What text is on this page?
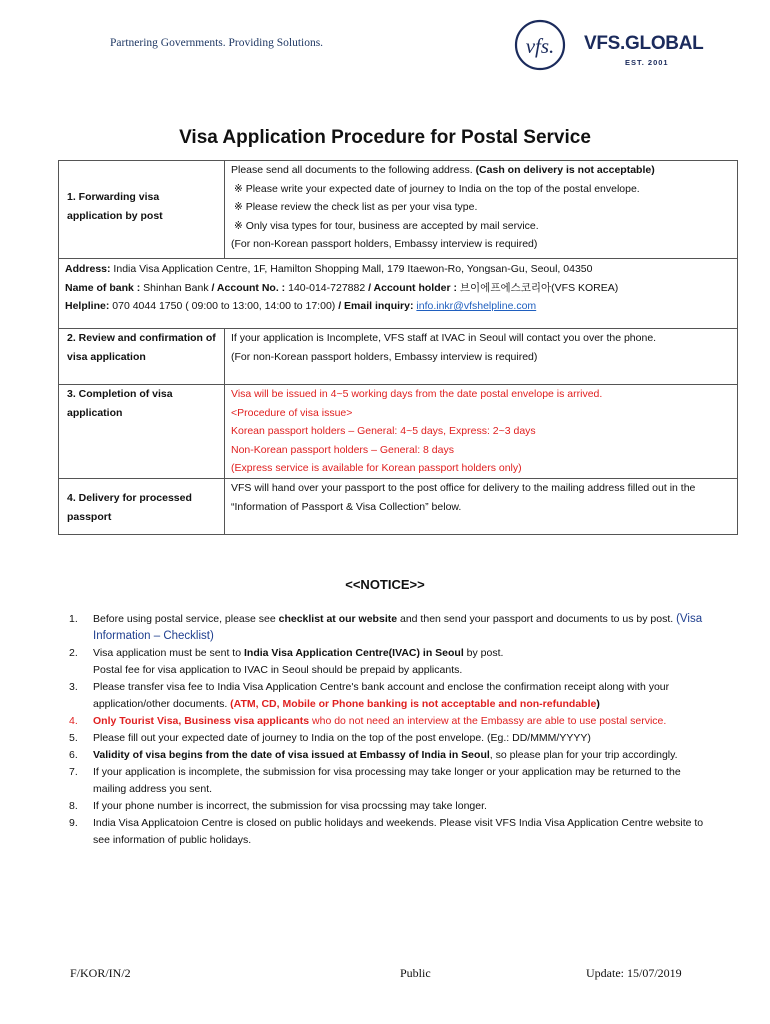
Partnering Governments. Providing Solutions.	vfs. VFS.GLOBAL
EST. 2001
Visa Application Procedure for Postal Service
1. Forwarding visa application by post	Please send all documents to the following address. (Cash on delivery is not acceptable)
※ Please write your expected date of journey to India on the top of the postal envelope.
※ Please review the check list as per your visa type.
※ Only visa types for tour, business are accepted by mail service.
(For non-Korean passport holders, Embassy interview is required)

Address: India Visa Application Centre, 1F, Hamilton Shopping Mall, 179 Itaewon-Ro, Yongsan-Gu, Seoul, 04350
Name of bank : Shinhan Bank / Account No. : 140-014-727882 / Account holder : 브이에프에스코리아(VFS KOREA)
Helpline: 070 4044 1750 ( 09:00 to 13:00, 14:00 to 17:00) / Email inquiry: info.inkr@vfshelpline.com	

2. Review and confirmation of visa application	If your application is Incomplete, VFS staff at IVAC in Seoul will contact you over the phone.
(For non-Korean passport holders, Embassy interview is required)

3. Completion of visa application	Visa will be issued in 4~5 working days from the date postal envelope is arrived.
<Procedure of visa issue>
Korean passport holders – General: 4~5 days, Express: 2~3 days
Non-Korean passport holders – General: 8 days
(Express service is available for Korean passport holders only)

4. Delivery for processed passport	VFS will hand over your passport to the post office for delivery to the mailing address filled out in the “Information of Passport & Visa Collection” below.
<<NOTICE>>
1. Before using postal service, please see checklist at our website and then send your passport and documents to us by post. (Visa Information – Checklist)
2. Visa application must be sent to India Visa Application Centre(IVAC) in Seoul by post.
Postal fee for visa application to IVAC in Seoul should be prepaid by applicants.
3. Please transfer visa fee to India Visa Application Centre's bank account and enclose the confirmation receipt along with your application/other documents. (ATM, CD, Mobile or Phone banking is not acceptable and non-refundable)
4. Only Tourist Visa, Business visa applicants who do not need an interview at the Embassy are able to use postal service.
5. Please fill out your expected date of journey to India on the top of the post envelope. (Eg.: DD/MMM/YYYY)
6. Validity of visa begins from the date of visa issued at Embassy of India in Seoul, so please plan for your trip accordingly.
7. If your application is incomplete, the submission for visa processing may take longer or your application may be returned to the mailing address you sent.
8. If your phone number is incorrect, the submission for visa procssing may take longer.
9. India Visa Applicatoion Centre is closed on public holidays and weekends. Please visit VFS India Visa Application Centre website to see information of public holidays.
F/KOR/IN/2	Public	Update: 15/07/2019
